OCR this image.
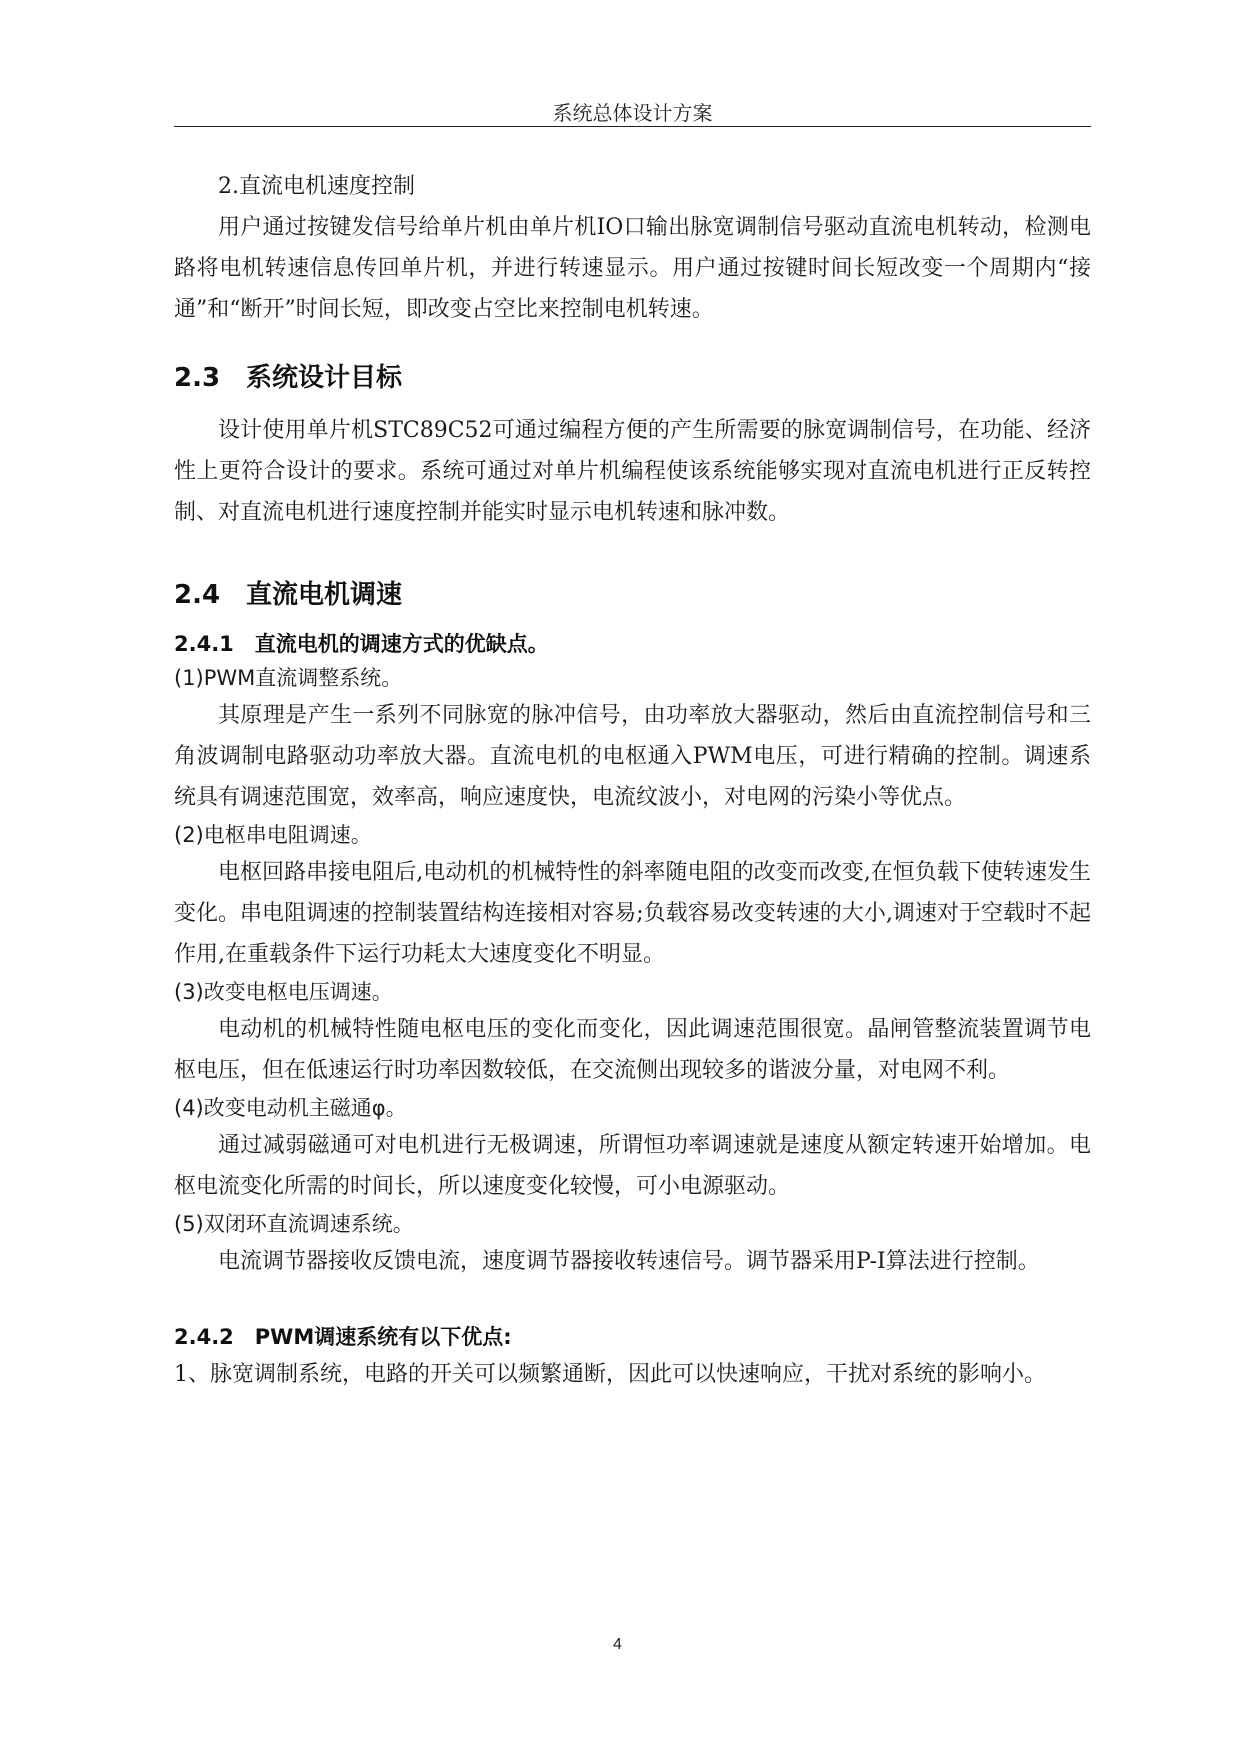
系统总体设计方案

2.直流电机速度控制

用户通过按键发信号给单片机由单片机IO口输出脉宽调制信号驱动直流电机转动，检测电路将电机转速信息传回单片机，并进行转速显示。用户通过按键时间长短改变一个周期内“接通”和“断开”时间长短，即改变占空比来控制电机转速。

2.3　系统设计目标

设计使用单片机STC89C52可通过编程方便的产生所需要的脉宽调制信号，在功能、经济性上更符合设计的要求。系统可通过对单片机编程使该系统能够实现对直流电机进行正反转控制、对直流电机进行速度控制并能实时显示电机转速和脉冲数。

2.4　直流电机调速
2.4.1　直流电机的调速方式的优缺点。

(1)PWM直流调整系统。

其原理是产生一系列不同脉宽的脉冲信号，由功率放大器驱动，然后由直流控制信号和三角波调制电路驱动功率放大器。直流电机的电枢通入PWM电压，可进行精确的控制。调速系统具有调速范围宽，效率高，响应速度快，电流纹波小，对电网的污染小等优点。

(2)电枢串电阻调速。

电枢回路串接电阻后,电动机的机械特性的斜率随电阻的改变而改变,在恒负载下使转速发生变化。串电阻调速的控制装置结构连接相对容易;负载容易改变转速的大小,调速对于空载时不起作用,在重载条件下运行功耗太大速度变化不明显。

(3)改变电枢电压调速。

电动机的机械特性随电枢电压的变化而变化，因此调速范围很宽。晶闸管整流装置调节电枢电压，但在低速运行时功率因数较低，在交流侧出现较多的谐波分量，对电网不利。

(4)改变电动机主磁通φ。

通过减弱磁通可对电机进行无极调速，所谓恒功率调速就是速度从额定转速开始增加。电枢电流变化所需的时间长，所以速度变化较慢，可小电源驱动。

(5)双闭环直流调速系统。

电流调节器接收反馈电流，速度调节器接收转速信号。调节器采用P-I算法进行控制。

2.4.2　PWM调速系统有以下优点:

1、脉宽调制系统，电路的开关可以频繁通断，因此可以快速响应，干扰对系统的影响小。

4
